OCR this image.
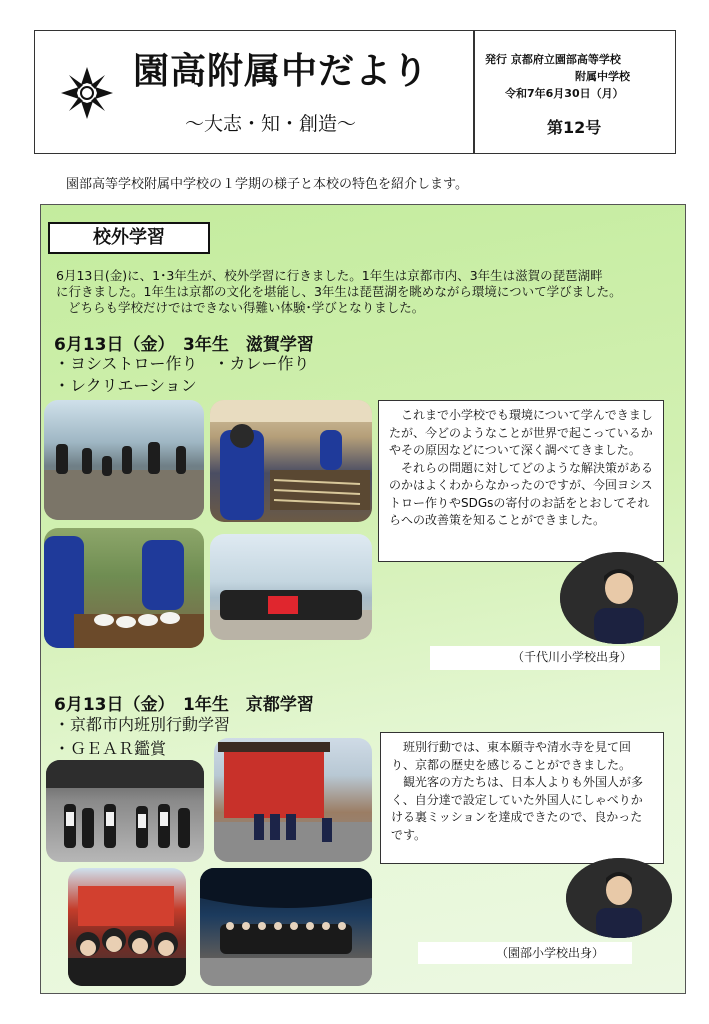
園高附属中だより
〜大志・知・創造〜
発行 京都府立園部高等学校
附属中学校
令和7年6月30日（月）
第12号
園部高等学校附属中学校の１学期の様子と本校の特色を紹介します。
校外学習

6月13日(金)に、1･3年生が、校外学習に行きました。1年生は京都市内、3年生は滋賀の琵琶湖畔

に行きました。1年生は京都の文化を堪能し、3年生は琵琶湖を眺めながら環境について学びました。

どちらも学校だけではできない得難い体験･学びとなりました。

6月13日（金）　3年生　滋賀学習
・ヨシストロー作り　・カレー作り
・レクリエーション

これまで小学校でも環境について学んできましたが、今どのようなことが世界で起こっているかやその原因などについて深く調べてきました。

それらの問題に対してどのような解決策があるのかはよくわからなかったのですが、今回ヨシストロー作りやSDGsの寄付のお話をとおしてそれらへの改善策を知ることができました。

（千代川小学校出身）
6月13日（金）　1年生　京都学習
・京都市内班別行動学習
・ＧＥＡＲ鑑賞	班別行動では、東本願寺や清水寺を見て回り、京都の歴史を感じることができました。

観光客の方たちは、日本人よりも外国人が多く、自分達で設定していた外国人にしゃべりかける裏ミッションを達成できたので、良かったです。

（園部小学校出身）
